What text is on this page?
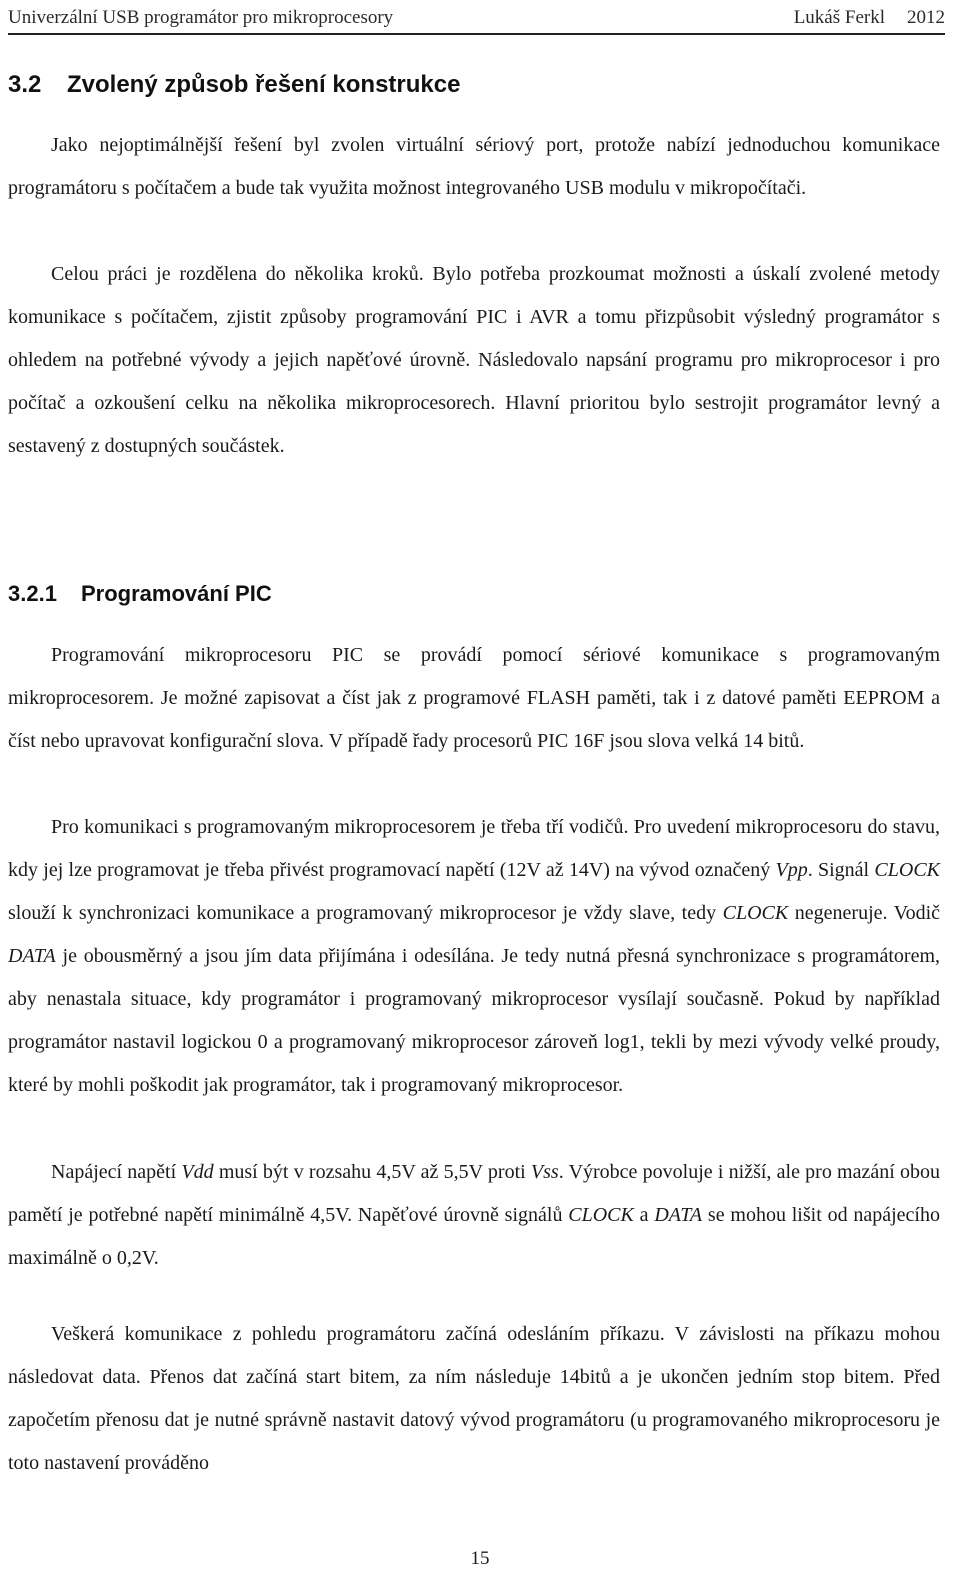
Univerzální USB programátor pro mikroprocesory	Lukáš Ferkl 2012
3.2 Zvolený způsob řešení konstrukce

Jako nejoptimálnější řešení byl zvolen virtuální sériový port, protože nabízí jednoduchou komunikace programátoru s počítačem a bude tak využita možnost integrovaného USB modulu v mikropočítači.

Celou práci je rozdělena do několika kroků. Bylo potřeba prozkoumat možnosti a úskalí zvolené metody komunikace s počítačem, zjistit způsoby programování PIC i AVR a tomu přizpůsobit výsledný programátor s ohledem na potřebné vývody a jejich napěťové úrovně. Následovalo napsání programu pro mikroprocesor i pro počítač a ozkoušení celku na několika mikroprocesorech. Hlavní prioritou bylo sestrojit programátor levný a sestavený z dostupných součástek.

3.2.1 Programování PIC

Programování mikroprocesoru PIC se provádí pomocí sériové komunikace s programovaným mikroprocesorem. Je možné zapisovat a číst jak z programové FLASH paměti, tak i z datové paměti EEPROM a číst nebo upravovat konfigurační slova. V případě řady procesorů PIC 16F jsou slova velká 14 bitů.

Pro komunikaci s programovaným mikroprocesorem je třeba tří vodičů. Pro uvedení mikroprocesoru do stavu, kdy jej lze programovat je třeba přivést programovací napětí (12V až 14V) na vývod označený Vpp. Signál CLOCK slouží k synchronizaci komunikace a programovaný mikroprocesor je vždy slave, tedy CLOCK negeneruje. Vodič DATA je obousměrný a jsou jím data přijímána i odesílána. Je tedy nutná přesná synchronizace s programátorem, aby nenastala situace, kdy programátor i programovaný mikroprocesor vysílají současně. Pokud by například programátor nastavil logickou 0 a programovaný mikroprocesor zároveň log1, tekli by mezi vývody velké proudy, které by mohli poškodit jak programátor, tak i programovaný mikroprocesor.

Napájecí napětí Vdd musí být v rozsahu 4,5V až 5,5V proti Vss. Výrobce povoluje i nižší, ale pro mazání obou pamětí je potřebné napětí minimálně 4,5V. Napěťové úrovně signálů CLOCK a DATA se mohou lišit od napájecího maximálně o 0,2V.

Veškerá komunikace z pohledu programátoru začíná odesláním příkazu. V závislosti na příkazu mohou následovat data. Přenos dat začíná start bitem, za ním následuje 14bitů a je ukončen jedním stop bitem. Před započetím přenosu dat je nutné správně nastavit datový vývod programátoru (u programovaného mikroprocesoru je toto nastavení prováděno

15
